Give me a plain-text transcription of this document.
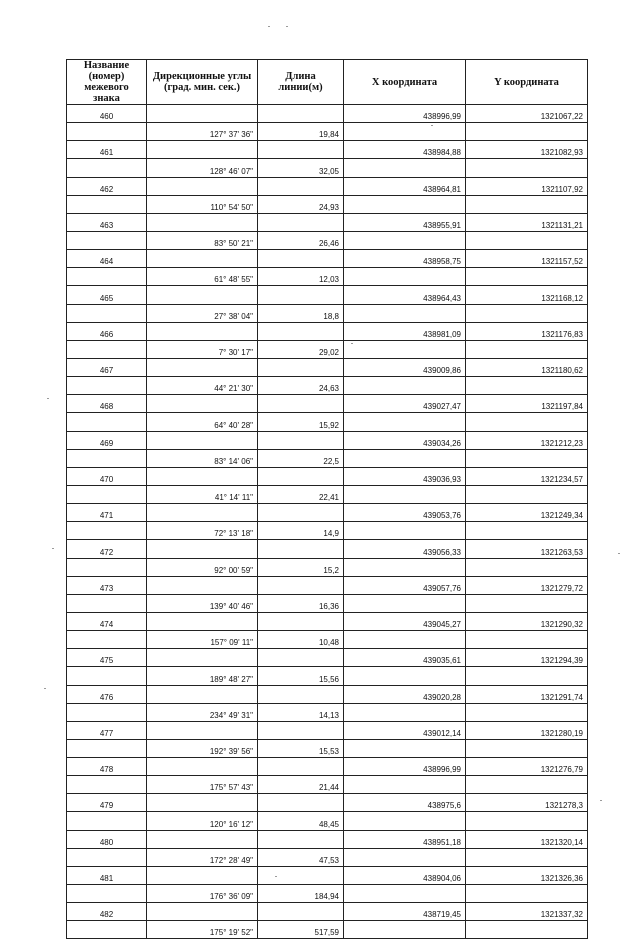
Название (номер) межевого знака	Дирекционные углы (град. мин. сек.)	Длина линии(м)	X координата	Y координата
460			438996,99	1321067,22
	127° 37' 36"	19,84		
461			438984,88	1321082,93
	128° 46' 07"	32,05		
462			438964,81	1321107,92
	110° 54' 50"	24,93		
463			438955,91	1321131,21
	83° 50' 21"	26,46		
464			438958,75	1321157,52
	61° 48' 55"	12,03		
465			438964,43	1321168,12
	27° 38' 04"	18,8		
466			438981,09	1321176,83
	7° 30' 17"	29,02		
467			439009,86	1321180,62
	44° 21' 30"	24,63		
468			439027,47	1321197,84
	64° 40' 28"	15,92		
469			439034,26	1321212,23
	83° 14' 06"	22,5		
470			439036,93	1321234,57
	41° 14' 11"	22,41		
471			439053,76	1321249,34
	72° 13' 18"	14,9		
472			439056,33	1321263,53
	92° 00' 59"	15,2		
473			439057,76	1321279,72
	139° 40' 46"	16,36		
474			439045,27	1321290,32
	157° 09' 11"	10,48		
475			439035,61	1321294,39
	189° 48' 27"	15,56		
476			439020,28	1321291,74
	234° 49' 31"	14,13		
477			439012,14	1321280,19
	192° 39' 56"	15,53		
478			438996,99	1321276,79
	175° 57' 43"	21,44		
479			438975,6	1321278,3
	120° 16' 12"	48,45		
480			438951,18	1321320,14
	172° 28' 49"	47,53		
481			438904,06	1321326,36
	176° 36' 09"	184,94		
482			438719,45	1321337,32
	175° 19' 52"	517,59		
